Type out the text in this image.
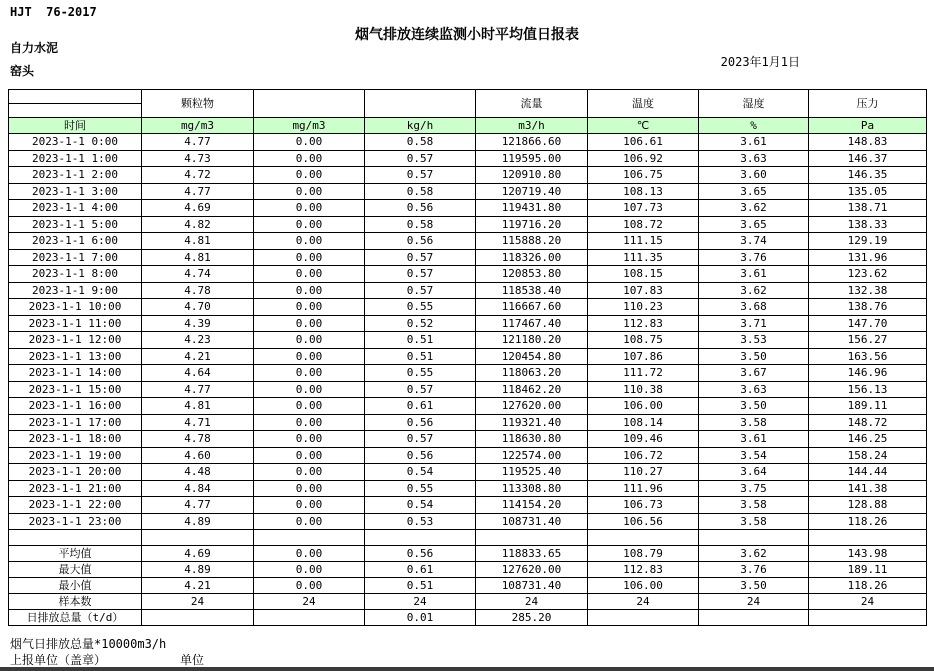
HJT  76-2017
烟气排放连续监测小时平均值日报表
自力水泥
2023年1月1日
窑头
	颗粒物			流量	温度	湿度	压力

时间	mg/m3	mg/m3	kg/h	m3/h	℃	%	Pa
2023-1-1 0:00	4.77	0.00	0.58	121866.60	106.61	3.61	148.83
2023-1-1 1:00	4.73	0.00	0.57	119595.00	106.92	3.63	146.37
2023-1-1 2:00	4.72	0.00	0.57	120910.80	106.75	3.60	146.35
2023-1-1 3:00	4.77	0.00	0.58	120719.40	108.13	3.65	135.05
2023-1-1 4:00	4.69	0.00	0.56	119431.80	107.73	3.62	138.71
2023-1-1 5:00	4.82	0.00	0.58	119716.20	108.72	3.65	138.33
2023-1-1 6:00	4.81	0.00	0.56	115888.20	111.15	3.74	129.19
2023-1-1 7:00	4.81	0.00	0.57	118326.00	111.35	3.76	131.96
2023-1-1 8:00	4.74	0.00	0.57	120853.80	108.15	3.61	123.62
2023-1-1 9:00	4.78	0.00	0.57	118538.40	107.83	3.62	132.38
2023-1-1 10:00	4.70	0.00	0.55	116667.60	110.23	3.68	138.76
2023-1-1 11:00	4.39	0.00	0.52	117467.40	112.83	3.71	147.70
2023-1-1 12:00	4.23	0.00	0.51	121180.20	108.75	3.53	156.27
2023-1-1 13:00	4.21	0.00	0.51	120454.80	107.86	3.50	163.56
2023-1-1 14:00	4.64	0.00	0.55	118063.20	111.72	3.67	146.96
2023-1-1 15:00	4.77	0.00	0.57	118462.20	110.38	3.63	156.13
2023-1-1 16:00	4.81	0.00	0.61	127620.00	106.00	3.50	189.11
2023-1-1 17:00	4.71	0.00	0.56	119321.40	108.14	3.58	148.72
2023-1-1 18:00	4.78	0.00	0.57	118630.80	109.46	3.61	146.25
2023-1-1 19:00	4.60	0.00	0.56	122574.00	106.72	3.54	158.24
2023-1-1 20:00	4.48	0.00	0.54	119525.40	110.27	3.64	144.44
2023-1-1 21:00	4.84	0.00	0.55	113308.80	111.96	3.75	141.38
2023-1-1 22:00	4.77	0.00	0.54	114154.20	106.73	3.58	128.88
2023-1-1 23:00	4.89	0.00	0.53	108731.40	106.56	3.58	118.26

平均值	4.69	0.00	0.56	118833.65	108.79	3.62	143.98
最大值	4.89	0.00	0.61	127620.00	112.83	3.76	189.11
最小值	4.21	0.00	0.51	108731.40	106.00	3.50	118.26
样本数	24	24	24	24	24	24	24
日排放总量（t/d）			0.01	285.20			
烟气日排放总量*10000m3/h
上报单位（盖章）	单位
